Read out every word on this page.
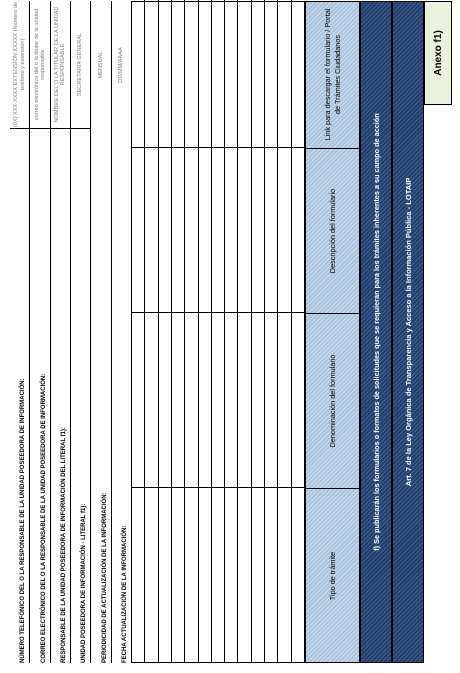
Anexo f1)
Art. 7 de la Ley Orgánica de Transparencia y Acceso a la Información Pública - LOTAIP
f) Se publicarán los formularios o formatos de solicitudes que se requieran para los trámites inherentes a su campo de acción
Tipo de trámite
Denominación del formulario
Descripción del formulario
Link para descargar el formulario / Portal de Trámites Ciudadanos
FECHA ACTUALIZACIÓN DE LA INFORMACIÓN:
DD/MM/AAAA
PERIODICIDAD DE ACTUALIZACIÓN DE LA INFORMACIÓN:
MENSUAL
UNIDAD POSEEDORA DE INFORMACIÓN - LITERAL f1):
SECRETARIA GENERAL
RESPONSABLE DE LA UNIDAD POSEEDORA DE INFORMACIÓN DEL LITERAL f1):
NOMBRE DEL O LA TITULAR DE LA UNIDAD RESPONSABLE
CORREO ELECTRÓNICO DEL O LA RESPONSABLE DE LA UNIDAD POSEEDORA DE INFORMACIÓN:
correo electrónico del o la titular de la unidad responsable
NÚMERO TELEFÓNICO DEL O LA RESPONSABLE DE LA UNIDAD POSEEDORA DE INFORMACIÓN:
(0X) XXX-XXXX EXTENSIÓN XXXXX (Número de teléfono y extensión)
